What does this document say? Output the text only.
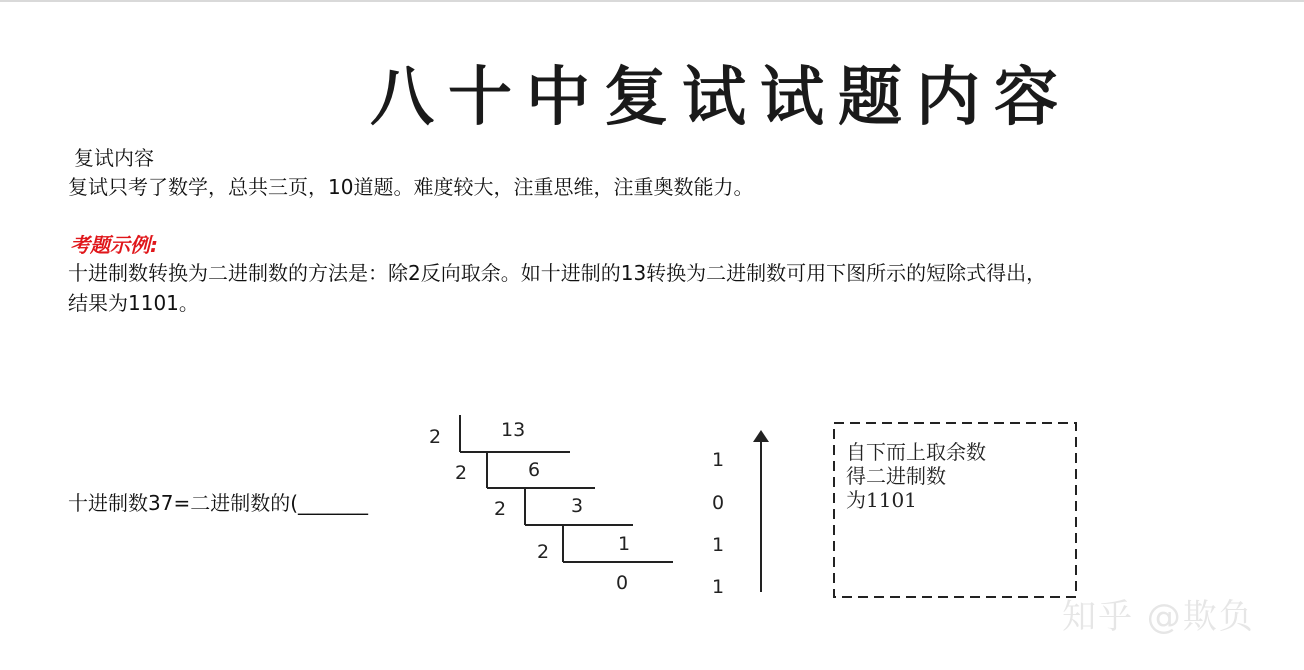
八十中复试试题内容
复试内容
复试只考了数学，总共三页，10道题。难度较大，注重思维，注重奥数能力。
考题示例:
十进制数转换为二进制数的方法是：除2反向取余。如十进制的13转换为二进制数可用下图所示的短除式得出，
结果为1101。
十进制数37=二进制数的(_______
2	13
2	6
2	3
2	1
0
1
0
1
1
自下而上取余数
得二进制数
为1101
知乎 @欺负
